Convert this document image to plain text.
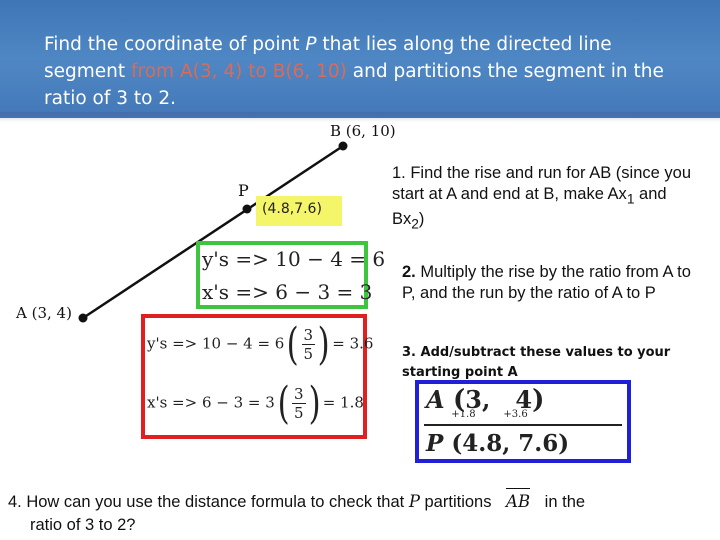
Find the coordinate of point P that lies along the directed line
segment from A(3, 4) to B(6, 10) and partitions the segment in the
ratio of 3 to 2.
B (6, 10)
P
A (3, 4)
(4.8,7.6)
y's => 10 − 4 = 6
x's => 6 − 3 = 3
$y's => 10 - 4 = 6( \frac{3}{5}$ ) = 3.6
$x's => 6 - 3 = 3( \frac{3}{5}$ ) = 1.8
1. Find the rise and run for AB (since you start at A and end at B, make $Ax_1$ and $Bx_2$)
2. Multiply the rise by the ratio from A to P, and the run by the ratio of A to P
3. Add/subtract these values to your starting point A
A (3
+1.8
,   4
+3.6 )
P (4.8, 7.6)
4. How can you use the distance formula to check that P partitions
AB in the
ratio of 3 to 2?
